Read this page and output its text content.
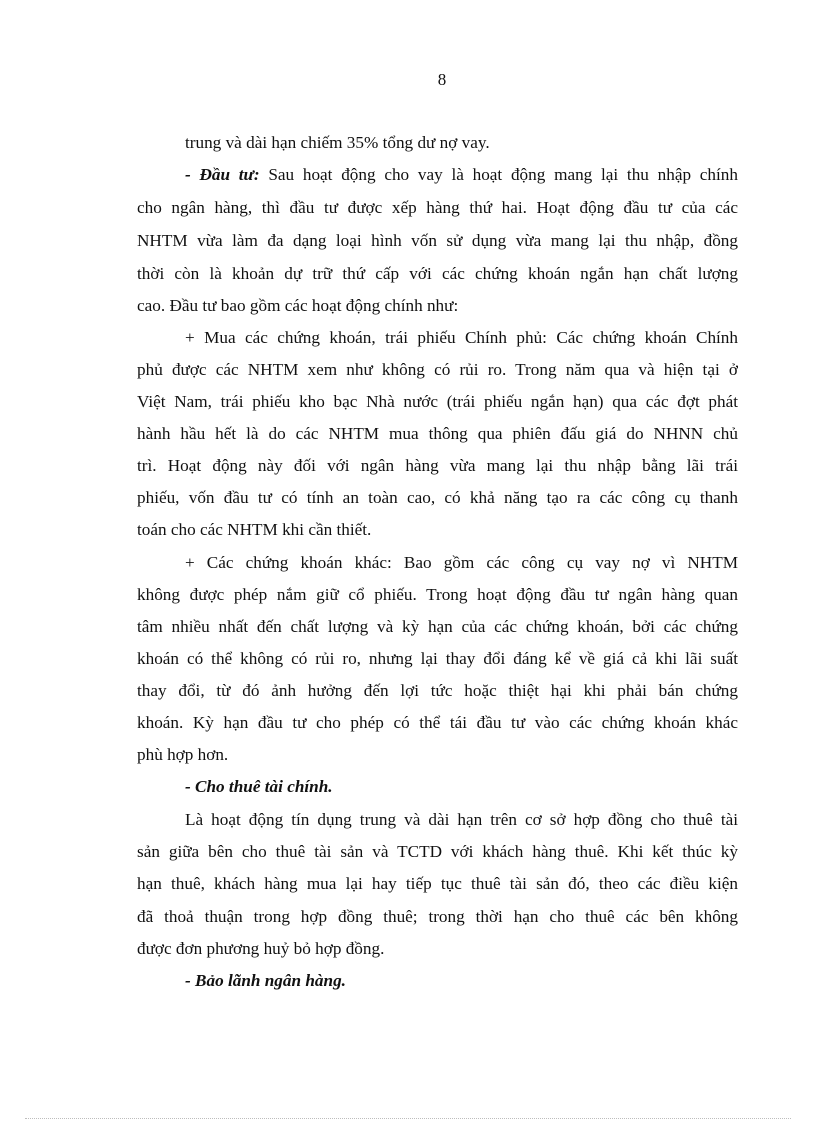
8
trung và dài hạn chiếm 35% tổng dư nợ vay.
- Đầu tư: Sau hoạt động cho vay là hoạt động mang lại thu nhập chính
cho ngân hàng, thì đầu tư được xếp hàng thứ hai. Hoạt động đầu tư của các
NHTM vừa làm đa dạng loại hình vốn sử dụng vừa mang lại thu nhập, đồng
thời còn là khoản dự trữ thứ cấp với các chứng khoán ngắn hạn chất lượng
cao. Đầu tư bao gồm các hoạt động chính như:
+ Mua các chứng khoán, trái phiếu Chính phủ: Các chứng khoán Chính
phủ được các NHTM xem như không có rủi ro. Trong năm qua và hiện tại ở
Việt Nam, trái phiếu kho bạc Nhà nước (trái phiếu ngắn hạn) qua các đợt phát
hành hầu hết là do các NHTM mua thông qua phiên đấu giá do NHNN chủ
trì. Hoạt động này đối với ngân hàng vừa mang lại thu nhập bằng lãi trái
phiếu, vốn đầu tư có tính an toàn cao, có khả năng tạo ra các công cụ thanh
toán cho các NHTM khi cần thiết.
+ Các chứng khoán khác: Bao gồm các công cụ vay nợ vì NHTM
không được phép nắm giữ cổ phiếu. Trong hoạt động đầu tư ngân hàng quan
tâm nhiều nhất đến chất lượng và kỳ hạn của các chứng khoán, bởi các chứng
khoán có thể không có rủi ro, nhưng lại thay đổi đáng kể về giá cả khi lãi suất
thay đổi, từ đó ảnh hưởng đến lợi tức hoặc thiệt hại khi phải bán chứng
khoán. Kỳ hạn đầu tư cho phép có thể tái đầu tư vào các chứng khoán khác
phù hợp hơn.
- Cho thuê tài chính.
Là hoạt động tín dụng trung và dài hạn trên cơ sở hợp đồng cho thuê tài
sản giữa bên cho thuê tài sản và TCTD với khách hàng thuê. Khi kết thúc kỳ
hạn thuê, khách hàng mua lại hay tiếp tục thuê tài sản đó, theo các điều kiện
đã thoả thuận trong hợp đồng thuê; trong thời hạn cho thuê các bên không
được đơn phương huỷ bỏ hợp đồng.
- Bảo lãnh ngân hàng.
